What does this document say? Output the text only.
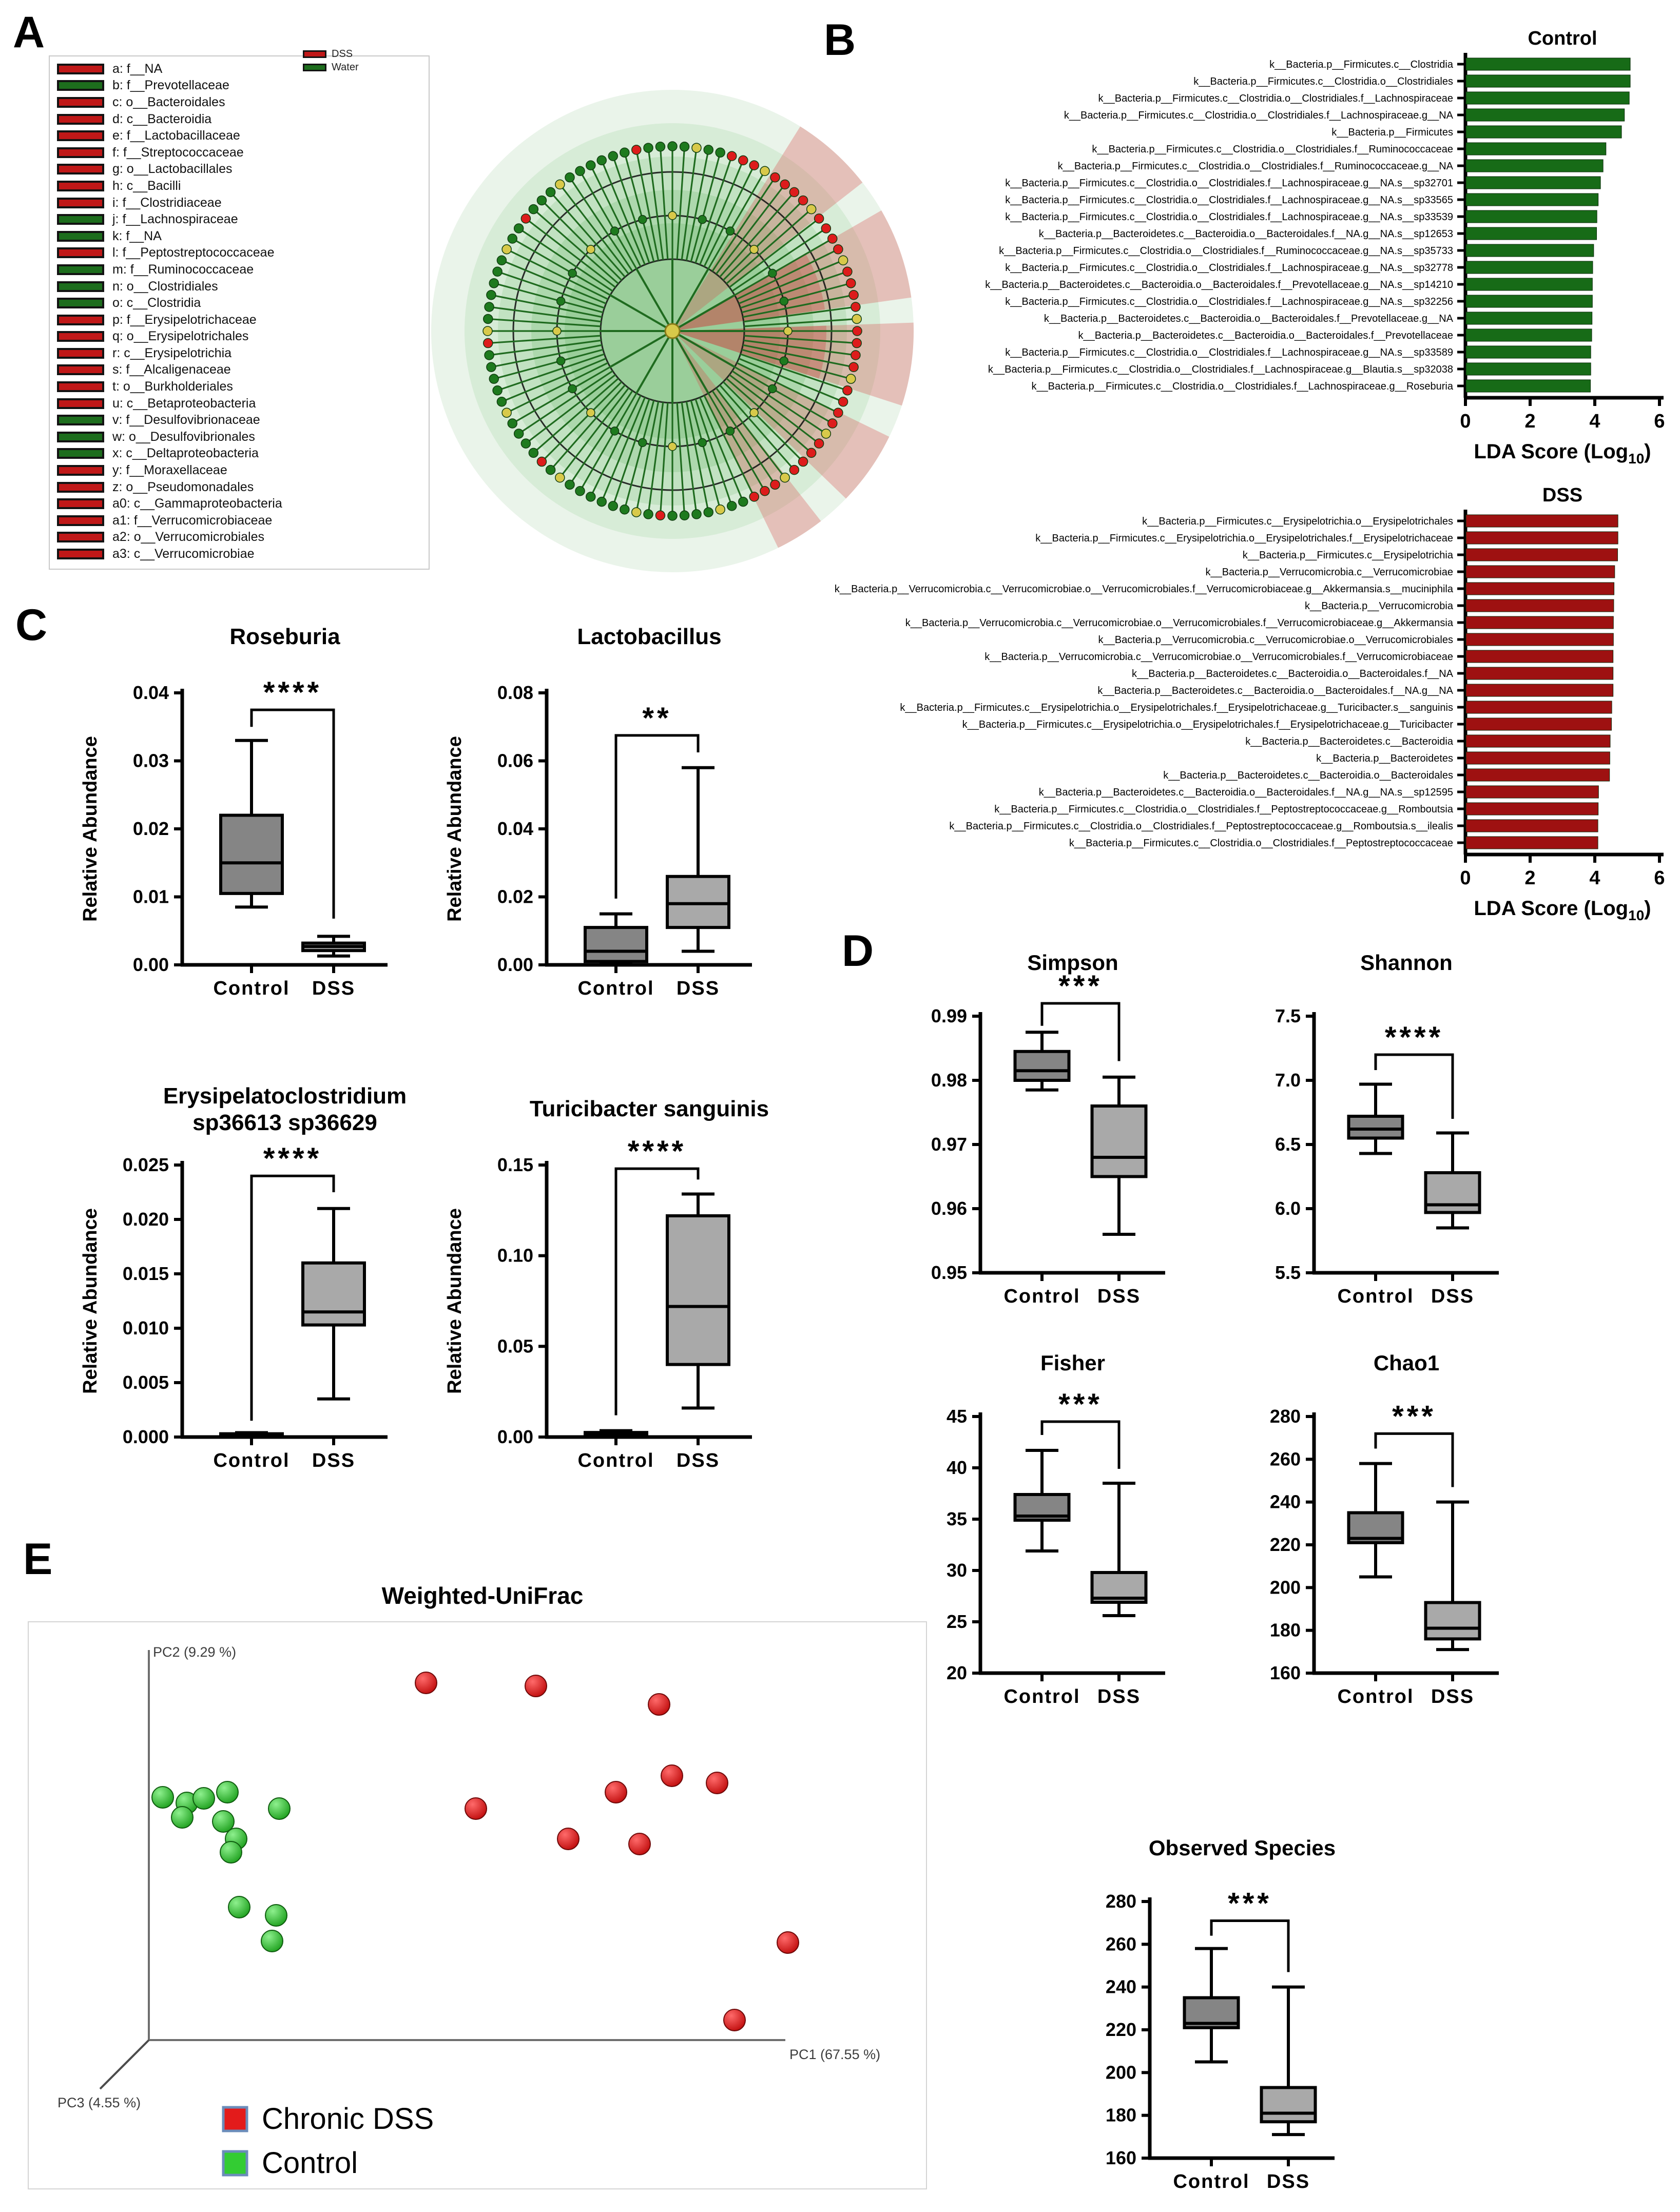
A	B
C
D
E
a: f__NA
b: f__Prevotellaceae
c: o__Bacteroidales
d: c__Bacteroidia
e: f__Lactobacillaceae
f: f__Streptococcaceae
g: o__Lactobacillales
h: c__Bacilli
i: f__Clostridiaceae
j: f__Lachnospiraceae
k: f__NA
l: f__Peptostreptococcaceae
m: f__Ruminococcaceae
n: o__Clostridiales
o: c__Clostridia
p: f__Erysipelotrichaceae
q: o__Erysipelotrichales
r: c__Erysipelotrichia
s: f__Alcaligenaceae
t: o__Burkholderiales
u: c__Betaproteobacteria
v: f__Desulfovibrionaceae
w: o__Desulfovibrionales
x: c__Deltaproteobacteria
y: f__Moraxellaceae
z: o__Pseudomonadales
a0: c__Gammaproteobacteria
a1: f__Verrucomicrobiaceae
a2: o__Verrucomicrobiales
a3: c__Verrucomicrobiae
DSS
Water
Control
k__Bacteria.p__Firmicutes.c__Clostridia
k__Bacteria.p__Firmicutes.c__Clostridia.o__Clostridiales
k__Bacteria.p__Firmicutes.c__Clostridia.o__Clostridiales.f__Lachnospiraceae
k__Bacteria.p__Firmicutes.c__Clostridia.o__Clostridiales.f__Lachnospiraceae.g__NA
k__Bacteria.p__Firmicutes
k__Bacteria.p__Firmicutes.c__Clostridia.o__Clostridiales.f__Ruminococcaceae
k__Bacteria.p__Firmicutes.c__Clostridia.o__Clostridiales.f__Ruminococcaceae.g__NA
k__Bacteria.p__Firmicutes.c__Clostridia.o__Clostridiales.f__Lachnospiraceae.g__NA.s__sp32701
k__Bacteria.p__Firmicutes.c__Clostridia.o__Clostridiales.f__Lachnospiraceae.g__NA.s__sp33565
k__Bacteria.p__Firmicutes.c__Clostridia.o__Clostridiales.f__Lachnospiraceae.g__NA.s__sp33539
k__Bacteria.p__Bacteroidetes.c__Bacteroidia.o__Bacteroidales.f__NA.g__NA.s__sp12653
k__Bacteria.p__Firmicutes.c__Clostridia.o__Clostridiales.f__Ruminococcaceae.g__NA.s__sp35733
k__Bacteria.p__Firmicutes.c__Clostridia.o__Clostridiales.f__Lachnospiraceae.g__NA.s__sp32778
k__Bacteria.p__Bacteroidetes.c__Bacteroidia.o__Bacteroidales.f__Prevotellaceae.g__NA.s__sp14210
k__Bacteria.p__Firmicutes.c__Clostridia.o__Clostridiales.f__Lachnospiraceae.g__NA.s__sp32256
k__Bacteria.p__Bacteroidetes.c__Bacteroidia.o__Bacteroidales.f__Prevotellaceae.g__NA
k__Bacteria.p__Bacteroidetes.c__Bacteroidia.o__Bacteroidales.f__Prevotellaceae
k__Bacteria.p__Firmicutes.c__Clostridia.o__Clostridiales.f__Lachnospiraceae.g__NA.s__sp33589
k__Bacteria.p__Firmicutes.c__Clostridia.o__Clostridiales.f__Lachnospiraceae.g__Blautia.s__sp32038
k__Bacteria.p__Firmicutes.c__Clostridia.o__Clostridiales.f__Lachnospiraceae.g__Roseburia
0	2	4	6
LDA Score (Log$_{10}$)
DSS
k__Bacteria.p__Firmicutes.c__Erysipelotrichia.o__Erysipelotrichales
k__Bacteria.p__Firmicutes.c__Erysipelotrichia.o__Erysipelotrichales.f__Erysipelotrichaceae
k__Bacteria.p__Firmicutes.c__Erysipelotrichia
k__Bacteria.p__Verrucomicrobia.c__Verrucomicrobiae
k__Bacteria.p__Verrucomicrobia.c__Verrucomicrobiae.o__Verrucomicrobiales.f__Verrucomicrobiaceae.g__Akkermansia.s__muciniphila
k__Bacteria.p__Verrucomicrobia
k__Bacteria.p__Verrucomicrobia.c__Verrucomicrobiae.o__Verrucomicrobiales.f__Verrucomicrobiaceae.g__Akkermansia
k__Bacteria.p__Verrucomicrobia.c__Verrucomicrobiae.o__Verrucomicrobiales
k__Bacteria.p__Verrucomicrobia.c__Verrucomicrobiae.o__Verrucomicrobiales.f__Verrucomicrobiaceae
k__Bacteria.p__Bacteroidetes.c__Bacteroidia.o__Bacteroidales.f__NA
k__Bacteria.p__Bacteroidetes.c__Bacteroidia.o__Bacteroidales.f__NA.g__NA
k__Bacteria.p__Firmicutes.c__Erysipelotrichia.o__Erysipelotrichales.f__Erysipelotrichaceae.g__Turicibacter.s__sanguinis
k__Bacteria.p__Firmicutes.c__Erysipelotrichia.o__Erysipelotrichales.f__Erysipelotrichaceae.g__Turicibacter
k__Bacteria.p__Bacteroidetes.c__Bacteroidia
k__Bacteria.p__Bacteroidetes
k__Bacteria.p__Bacteroidetes.c__Bacteroidia.o__Bacteroidales
k__Bacteria.p__Bacteroidetes.c__Bacteroidia.o__Bacteroidales.f__NA.g__NA.s__sp12595
k__Bacteria.p__Firmicutes.c__Clostridia.o__Clostridiales.f__Peptostreptococcaceae.g__Romboutsia
k__Bacteria.p__Firmicutes.c__Clostridia.o__Clostridiales.f__Peptostreptococcaceae.g__Romboutsia.s__ilealis
k__Bacteria.p__Firmicutes.c__Clostridia.o__Clostridiales.f__Peptostreptococcaceae
0	2	4	6
LDA Score (Log$_{10}$)
Roseburia
Relative Abundance
0.00
0.01
0.02
0.03
0.04
Control DSS
****
Lactobacillus
Relative Abundance
0.00
0.02
0.04
0.06
0.08
Control DSS
**
Erysipelatoclostridium
sp36613 sp36629
Relative Abundance
0.000
0.005
0.010
0.015
0.020
0.025
Control DSS
****
Turicibacter sanguinis
Relative Abundance
0.00
0.05
0.10
0.15
Control DSS
****
Simpson
0.95
0.96
0.97
0.98
0.99
Control DSS
***
Shannon
5.5
6.0
6.5
7.0
7.5
Control DSS
****
Fisher
20
25
30
35
40
45
Control DSS
***
Chao1
160
180
200
220
240
260
280
Control DSS
***
Observed Species
160
180
200
220
240
260
280
Control DSS
***
Weighted-UniFrac
PC2 (9.29 %)
PC1 (67.55 %)
PC3 (4.55 %)	Chronic DSS
Control
